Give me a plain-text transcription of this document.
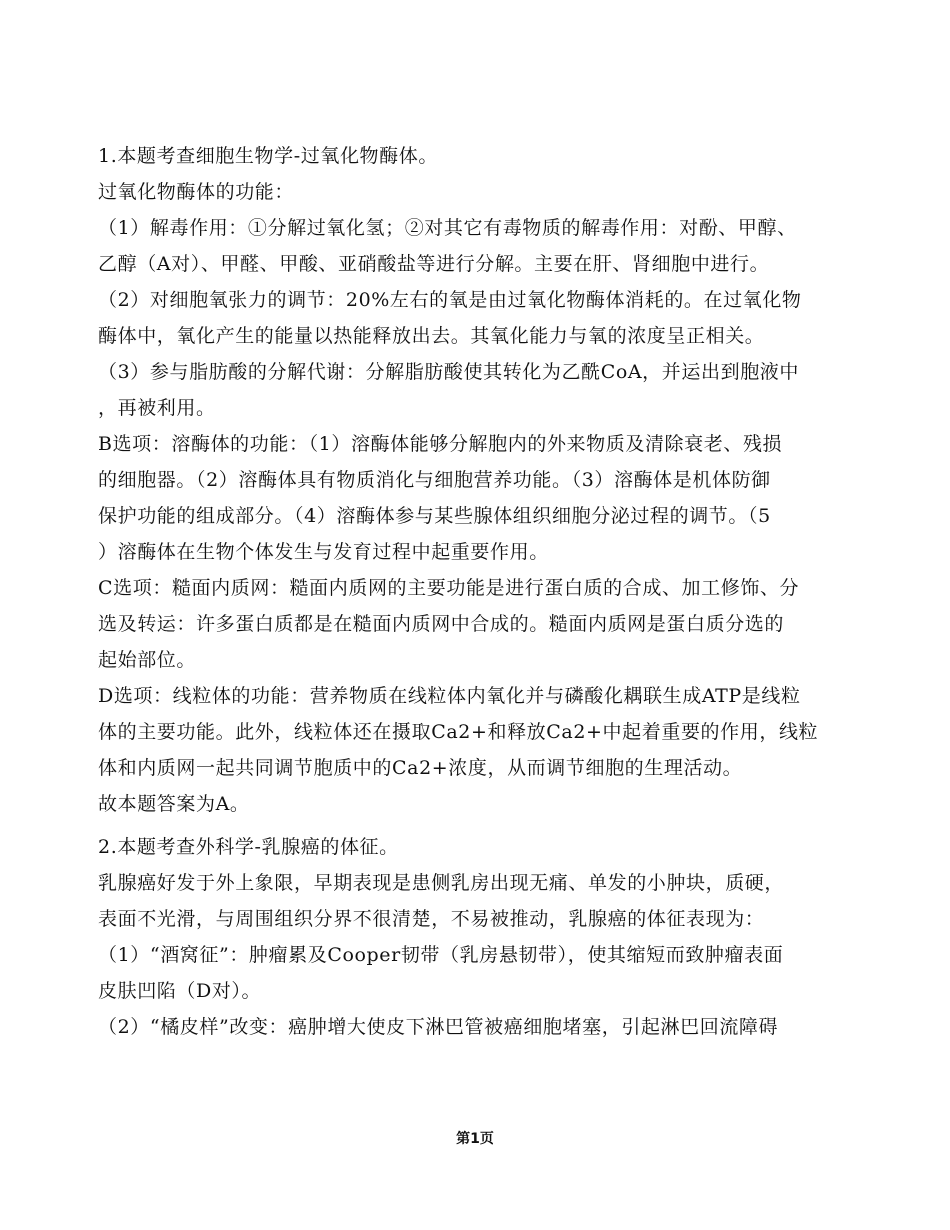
1.本题考查细胞生物学-过氧化物酶体。
过氧化物酶体的功能：
（1）解毒作用：①分解过氧化氢；②对其它有毒物质的解毒作用：对酚、甲醇、
乙醇（A对）、甲醛、甲酸、亚硝酸盐等进行分解。主要在肝、肾细胞中进行。
（2）对细胞氧张力的调节：20%左右的氧是由过氧化物酶体消耗的。在过氧化物
酶体中，氧化产生的能量以热能释放出去。其氧化能力与氧的浓度呈正相关。
（3）参与脂肪酸的分解代谢：分解脂肪酸使其转化为乙酰CoA，并运出到胞液中
，再被利用。
B选项：溶酶体的功能：（1）溶酶体能够分解胞内的外来物质及清除衰老、残损
的细胞器。（2）溶酶体具有物质消化与细胞营养功能。（3）溶酶体是机体防御
保护功能的组成部分。（4）溶酶体参与某些腺体组织细胞分泌过程的调节。（5
）溶酶体在生物个体发生与发育过程中起重要作用。
C选项：糙面内质网：糙面内质网的主要功能是进行蛋白质的合成、加工修饰、分
选及转运：许多蛋白质都是在糙面内质网中合成的。糙面内质网是蛋白质分选的
起始部位。
D选项：线粒体的功能：营养物质在线粒体内氧化并与磷酸化耦联生成ATP是线粒
体的主要功能。此外，线粒体还在摄取Ca2+和释放Ca2+中起着重要的作用，线粒
体和内质网一起共同调节胞质中的Ca2+浓度，从而调节细胞的生理活动。
故本题答案为A。
2.本题考查外科学-乳腺癌的体征。
乳腺癌好发于外上象限，早期表现是患侧乳房出现无痛、单发的小肿块，质硬，
表面不光滑，与周围组织分界不很清楚，不易被推动，乳腺癌的体征表现为：
（1）“酒窝征”：肿瘤累及Cooper韧带（乳房悬韧带），使其缩短而致肿瘤表面
皮肤凹陷（D对）。
（2）“橘皮样”改变：癌肿增大使皮下淋巴管被癌细胞堵塞，引起淋巴回流障碍
第1页
